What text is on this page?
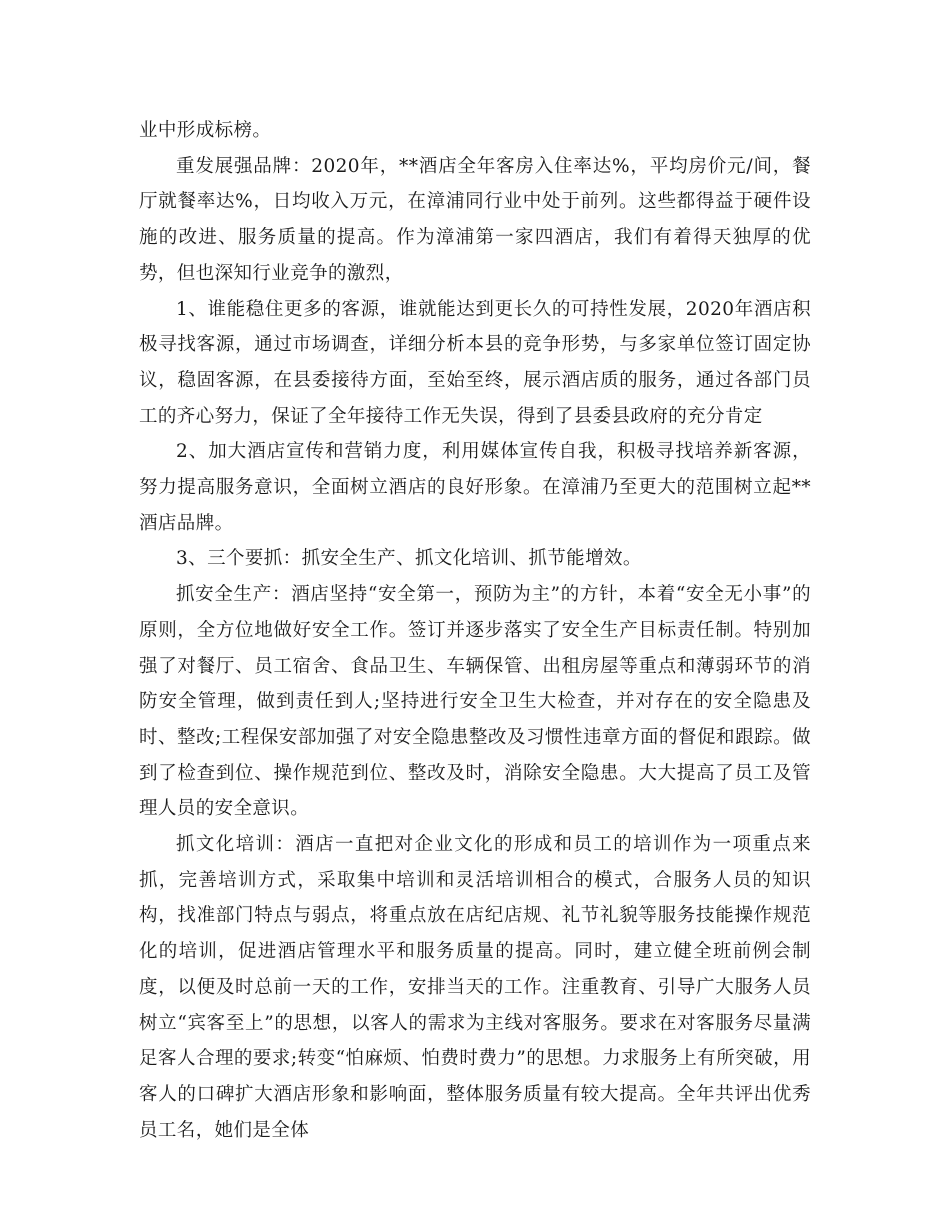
业中形成标榜。

重发展强品牌：2020年，**酒店全年客房入住率达%，平均房价元/间，餐厅就餐率达%，日均收入万元，在漳浦同行业中处于前列。这些都得益于硬件设施的改进、服务质量的提高。作为漳浦第一家四酒店，我们有着得天独厚的优势，但也深知行业竞争的激烈，

1、谁能稳住更多的客源，谁就能达到更长久的可持性发展，2020年酒店积极寻找客源，通过市场调查，详细分析本县的竞争形势，与多家单位签订固定协议，稳固客源，在县委接待方面，至始至终，展示酒店质的服务，通过各部门员工的齐心努力，保证了全年接待工作无失误，得到了县委县政府的充分肯定

2、加大酒店宣传和营销力度，利用媒体宣传自我，积极寻找培养新客源，努力提高服务意识，全面树立酒店的良好形象。在漳浦乃至更大的范围树立起**酒店品牌。

3、三个要抓：抓安全生产、抓文化培训、抓节能增效。

抓安全生产：酒店坚持“安全第一，预防为主”的方针，本着“安全无小事”的原则，全方位地做好安全工作。签订并逐步落实了安全生产目标责任制。特别加强了对餐厅、员工宿舍、食品卫生、车辆保管、出租房屋等重点和薄弱环节的消防安全管理，做到责任到人;坚持进行安全卫生大检查，并对存在的安全隐患及时、整改;工程保安部加强了对安全隐患整改及习惯性违章方面的督促和跟踪。做到了检查到位、操作规范到位、整改及时，消除安全隐患。大大提高了员工及管理人员的安全意识。

抓文化培训：酒店一直把对企业文化的形成和员工的培训作为一项重点来抓，完善培训方式，采取集中培训和灵活培训相合的模式，合服务人员的知识构，找准部门特点与弱点，将重点放在店纪店规、礼节礼貌等服务技能操作规范化的培训，促进酒店管理水平和服务质量的提高。同时，建立健全班前例会制度，以便及时总前一天的工作，安排当天的工作。注重教育、引导广大服务人员树立“宾客至上”的思想，以客人的需求为主线对客服务。要求在对客服务尽量满足客人合理的要求;转变“怕麻烦、怕费时费力”的思想。力求服务上有所突破，用客人的口碑扩大酒店形象和影响面，整体服务质量有较大提高。全年共评出优秀员工名，她们是全体
